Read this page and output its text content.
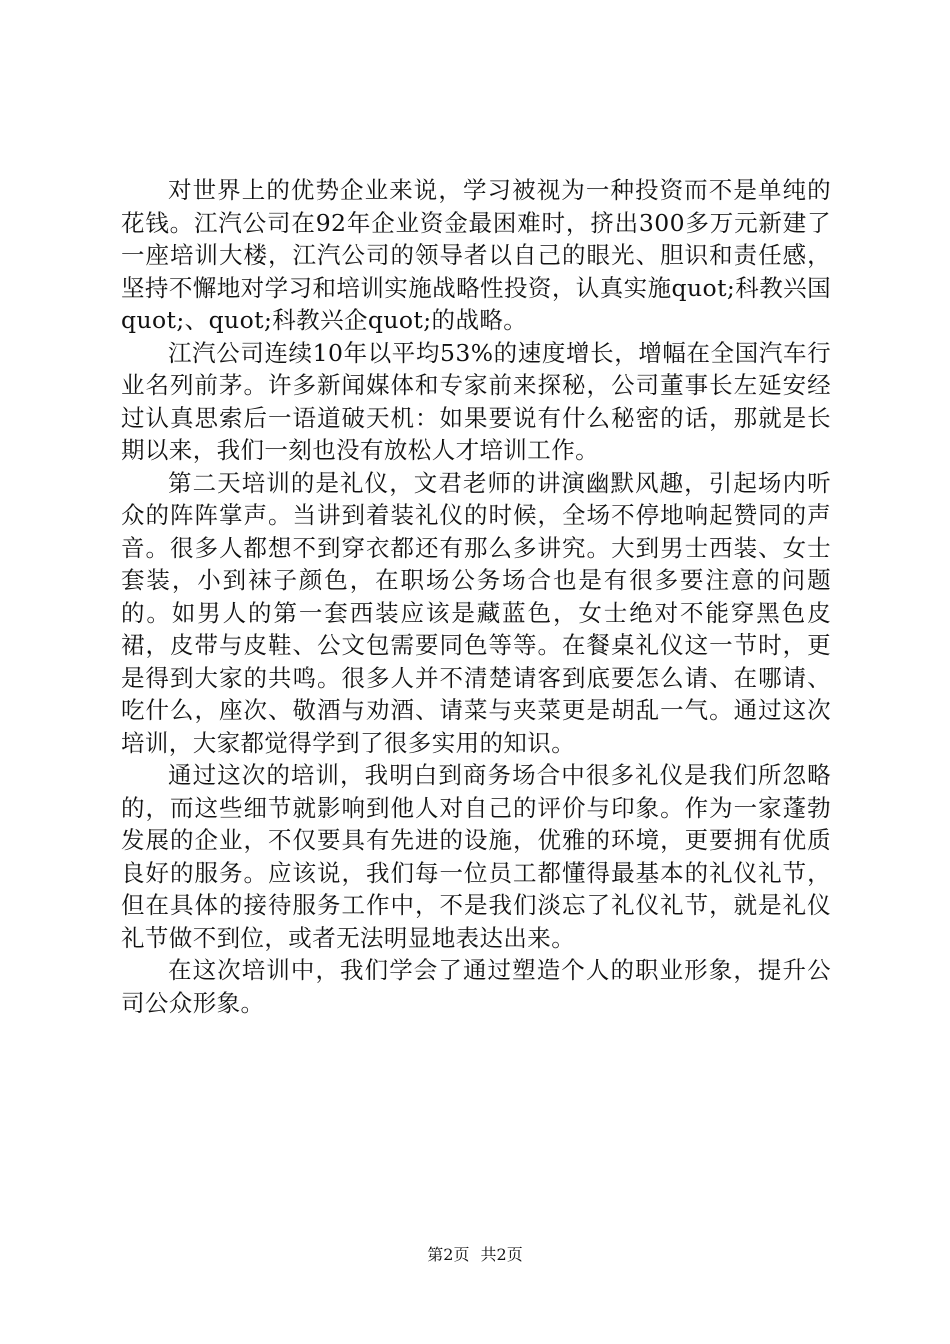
对世界上的优势企业来说，学习被视为一种投资而不是单纯的花钱。江汽公司在92年企业资金最困难时，挤出300多万元新建了一座培训大楼，江汽公司的领导者以自己的眼光、胆识和责任感，坚持不懈地对学习和培训实施战略性投资，认真实施quot;科教兴国quot;、quot;科教兴企quot;的战略。

江汽公司连续10年以平均53%的速度增长，增幅在全国汽车行业名列前茅。许多新闻媒体和专家前来探秘，公司董事长左延安经过认真思索后一语道破天机：如果要说有什么秘密的话，那就是长期以来，我们一刻也没有放松人才培训工作。

第二天培训的是礼仪，文君老师的讲演幽默风趣，引起场内听众的阵阵掌声。当讲到着装礼仪的时候，全场不停地响起赞同的声音。很多人都想不到穿衣都还有那么多讲究。大到男士西装、女士套装，小到袜子颜色，在职场公务场合也是有很多要注意的问题的。如男人的第一套西装应该是藏蓝色，女士绝对不能穿黑色皮裙，皮带与皮鞋、公文包需要同色等等。在餐桌礼仪这一节时，更是得到大家的共鸣。很多人并不清楚请客到底要怎么请、在哪请、吃什么，座次、敬酒与劝酒、请菜与夹菜更是胡乱一气。通过这次培训，大家都觉得学到了很多实用的知识。

通过这次的培训，我明白到商务场合中很多礼仪是我们所忽略的，而这些细节就影响到他人对自己的评价与印象。作为一家蓬勃发展的企业，不仅要具有先进的设施，优雅的环境，更要拥有优质良好的服务。应该说，我们每一位员工都懂得最基本的礼仪礼节，但在具体的接待服务工作中，不是我们淡忘了礼仪礼节，就是礼仪礼节做不到位，或者无法明显地表达出来。

在这次培训中，我们学会了通过塑造个人的职业形象，提升公司公众形象。

第2页 共2页
